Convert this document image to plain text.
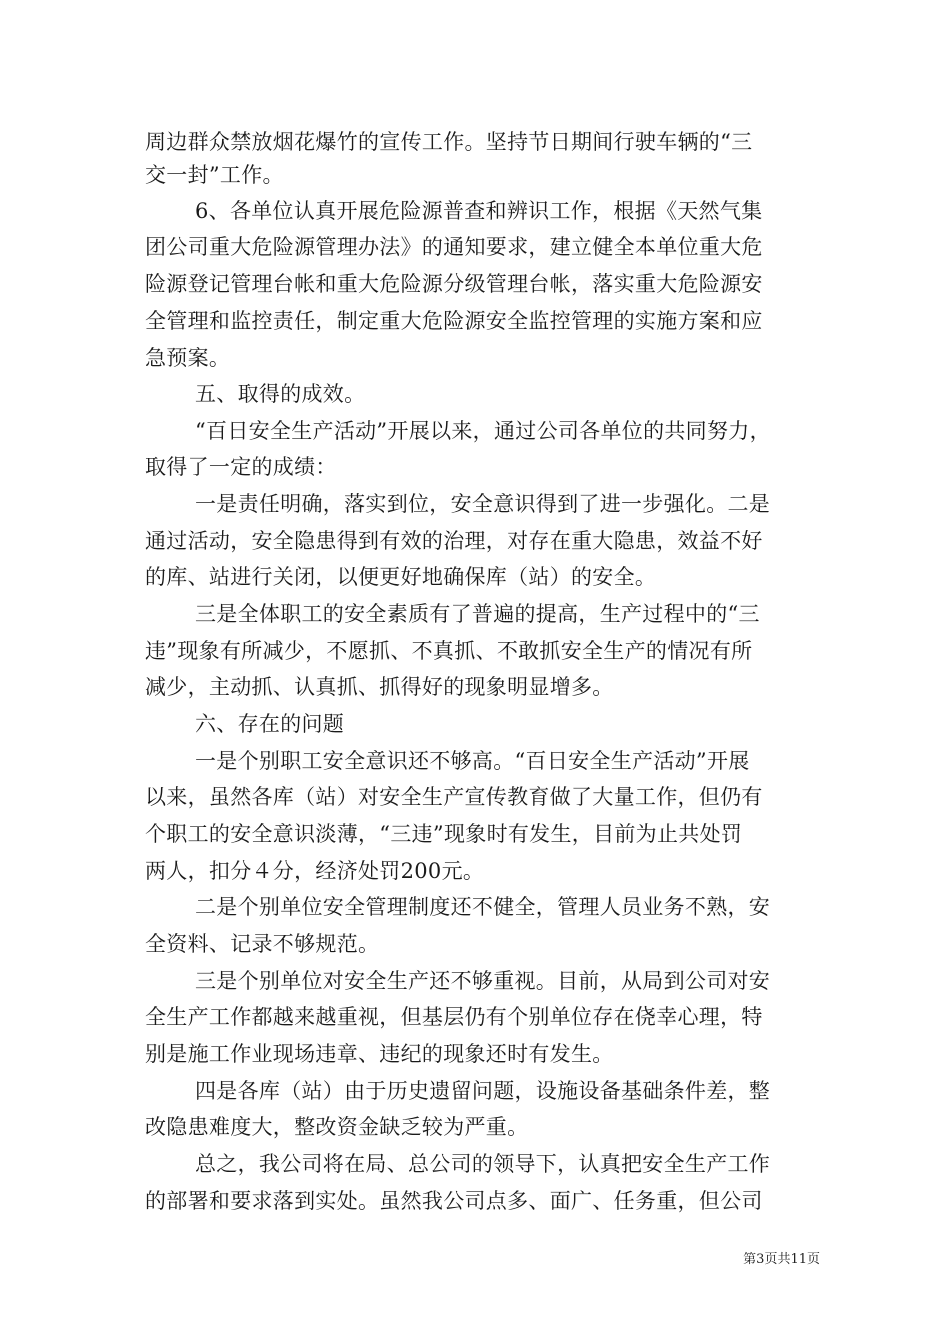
周边群众禁放烟花爆竹的宣传工作。坚持节日期间行驶车辆的“三

交一封”工作。

6、各单位认真开展危险源普查和辨识工作，根据《天然气集

团公司重大危险源管理办法》的通知要求，建立健全本单位重大危

险源登记管理台帐和重大危险源分级管理台帐，落实重大危险源安

全管理和监控责任，制定重大危险源安全监控管理的实施方案和应

急预案。

五、取得的成效。

“百日安全生产活动”开展以来，通过公司各单位的共同努力，

取得了一定的成绩：

一是责任明确，落实到位，安全意识得到了进一步强化。二是

通过活动，安全隐患得到有效的治理，对存在重大隐患，效益不好

的库、站进行关闭，以便更好地确保库（站）的安全。

三是全体职工的安全素质有了普遍的提高，生产过程中的“三

违”现象有所减少，不愿抓、不真抓、不敢抓安全生产的情况有所

减少，主动抓、认真抓、抓得好的现象明显增多。

六、存在的问题

一是个别职工安全意识还不够高。“百日安全生产活动”开展

以来，虽然各库（站）对安全生产宣传教育做了大量工作，但仍有

个职工的安全意识淡薄，“三违”现象时有发生，目前为止共处罚

两人，扣分４分，经济处罚200元。

二是个别单位安全管理制度还不健全，管理人员业务不熟，安

全资料、记录不够规范。

三是个别单位对安全生产还不够重视。目前，从局到公司对安

全生产工作都越来越重视，但基层仍有个别单位存在侥幸心理，特

别是施工作业现场违章、违纪的现象还时有发生。

四是各库（站）由于历史遗留问题，设施设备基础条件差，整

改隐患难度大，整改资金缺乏较为严重。

总之，我公司将在局、总公司的领导下，认真把安全生产工作

的部署和要求落到实处。虽然我公司点多、面广、任务重，但公司

第3页共11页
